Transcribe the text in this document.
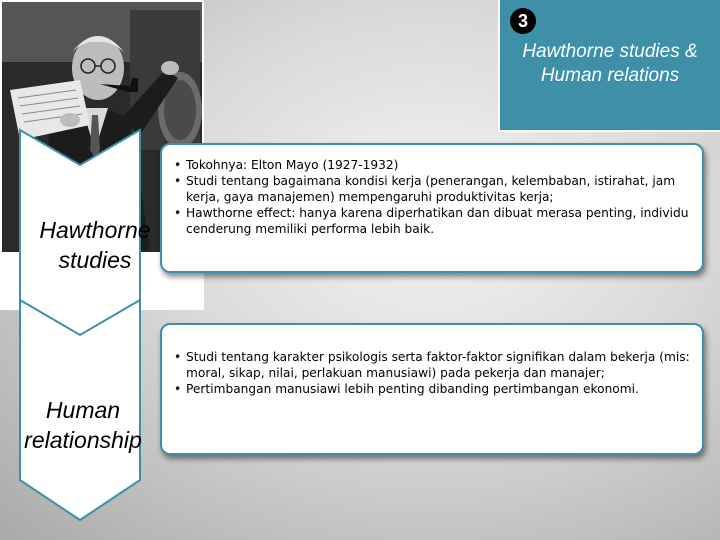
3
Hawthorne studies & Human relations
Hawthorne
studies
Human
relationship
• Tokohnya: Elton Mayo (1927-1932)
• Studi tentang bagaimana kondisi kerja (penerangan, kelembaban, istirahat, jam kerja, gaya manajemen) mempengaruhi produktivitas kerja;
• Hawthorne effect: hanya karena diperhatikan dan dibuat merasa penting, individu cenderung memiliki performa lebih baik.
• Studi tentang karakter psikologis serta faktor-faktor signifikan dalam bekerja (mis: moral, sikap, nilai, perlakuan manusiawi) pada pekerja dan manajer;
• Pertimbangan manusiawi lebih penting dibanding pertimbangan ekonomi.
